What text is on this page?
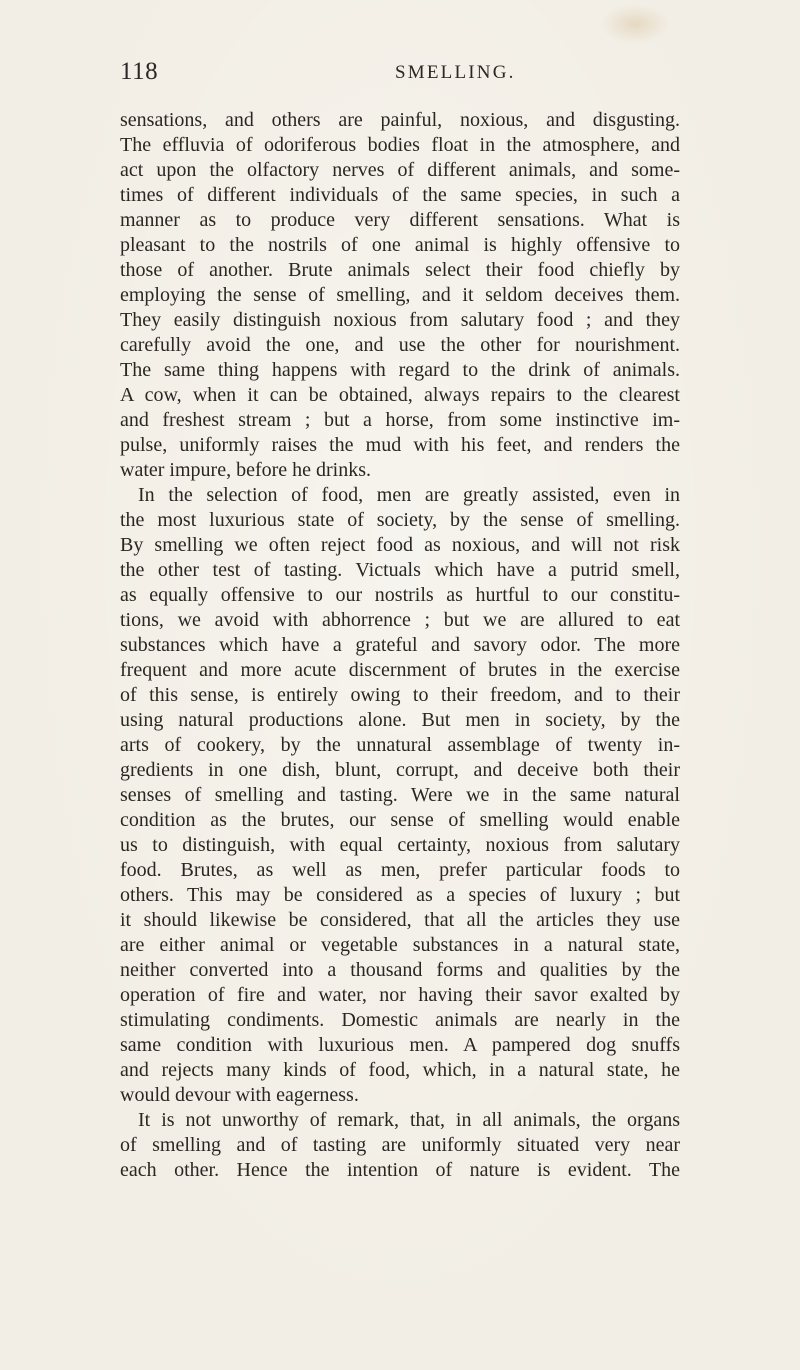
118	SMELLING.
sensations, and others are painful, noxious, and disgusting.
The effluvia of odoriferous bodies float in the atmosphere, and
act upon the olfactory nerves of different animals, and some-
times of different individuals of the same species, in such a
manner as to produce very different sensations. What is
pleasant to the nostrils of one animal is highly offensive to
those of another. Brute animals select their food chiefly by
employing the sense of smelling, and it seldom deceives them.
They easily distinguish noxious from salutary food ; and they
carefully avoid the one, and use the other for nourishment.
The same thing happens with regard to the drink of animals.
A cow, when it can be obtained, always repairs to the clearest
and freshest stream ; but a horse, from some instinctive im-
pulse, uniformly raises the mud with his feet, and renders the
water impure, before he drinks.
In the selection of food, men are greatly assisted, even in
the most luxurious state of society, by the sense of smelling.
By smelling we often reject food as noxious, and will not risk
the other test of tasting. Victuals which have a putrid smell,
as equally offensive to our nostrils as hurtful to our constitu-
tions, we avoid with abhorrence ; but we are allured to eat
substances which have a grateful and savory odor. The more
frequent and more acute discernment of brutes in the exercise
of this sense, is entirely owing to their freedom, and to their
using natural productions alone. But men in society, by the
arts of cookery, by the unnatural assemblage of twenty in-
gredients in one dish, blunt, corrupt, and deceive both their
senses of smelling and tasting. Were we in the same natural
condition as the brutes, our sense of smelling would enable
us to distinguish, with equal certainty, noxious from salutary
food. Brutes, as well as men, prefer particular foods to
others. This may be considered as a species of luxury ; but
it should likewise be considered, that all the articles they use
are either animal or vegetable substances in a natural state,
neither converted into a thousand forms and qualities by the
operation of fire and water, nor having their savor exalted by
stimulating condiments. Domestic animals are nearly in the
same condition with luxurious men. A pampered dog snuffs
and rejects many kinds of food, which, in a natural state, he
would devour with eagerness.
It is not unworthy of remark, that, in all animals, the organs
of smelling and of tasting are uniformly situated very near
each other. Hence the intention of nature is evident. The
